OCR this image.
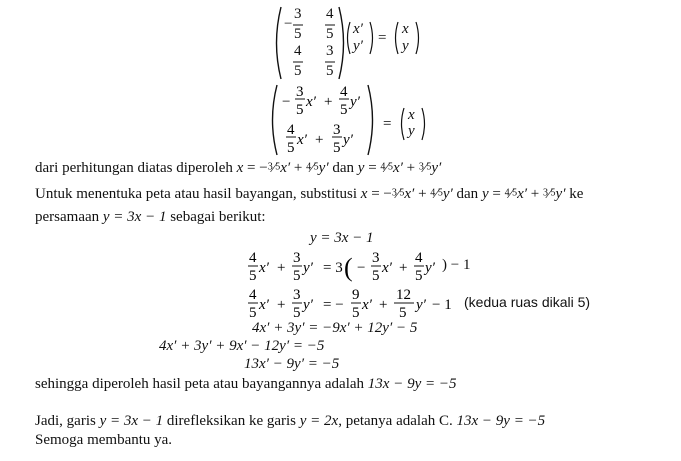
−
3
5
4
5
4
5
3
5
x′
y′ =
x
y
−
3
5 x′ +
4
5 y′
4
5 x′ +
3
5 y′
=
x
y
dari perhitungan diatas diperoleh x = −3⁄5x′ + 4⁄5y′ dan y = 4⁄5x′ + 3⁄5y′
Untuk menentuka peta atau hasil bayangan, substitusi x = −3⁄5x′ + 4⁄5y′ dan y = 4⁄5x′ + 3⁄5y′ ke
persamaan y = 3x − 1 sebagai berikut:
y = 3x − 1
4
5 x′ +
3
5 y′ = 3 ( −
3
5 x′ +
4
5 y′ ) − 1
4
5 x′ +
3
5 y′ = −
9
5 x′ +
12
5 y′ − 1 (kedua ruas dikali 5)
4x′ + 3y′ = −9x′ + 12y′ − 5
4x′ + 3y′ + 9x′ − 12y′ = −5
13x′ − 9y′ = −5
sehingga diperoleh hasil peta atau bayangannya adalah 13x − 9y = −5
Jadi, garis y = 3x − 1 direfleksikan ke garis y = 2x, petanya adalah C. 13x − 9y = −5
Semoga membantu ya.
